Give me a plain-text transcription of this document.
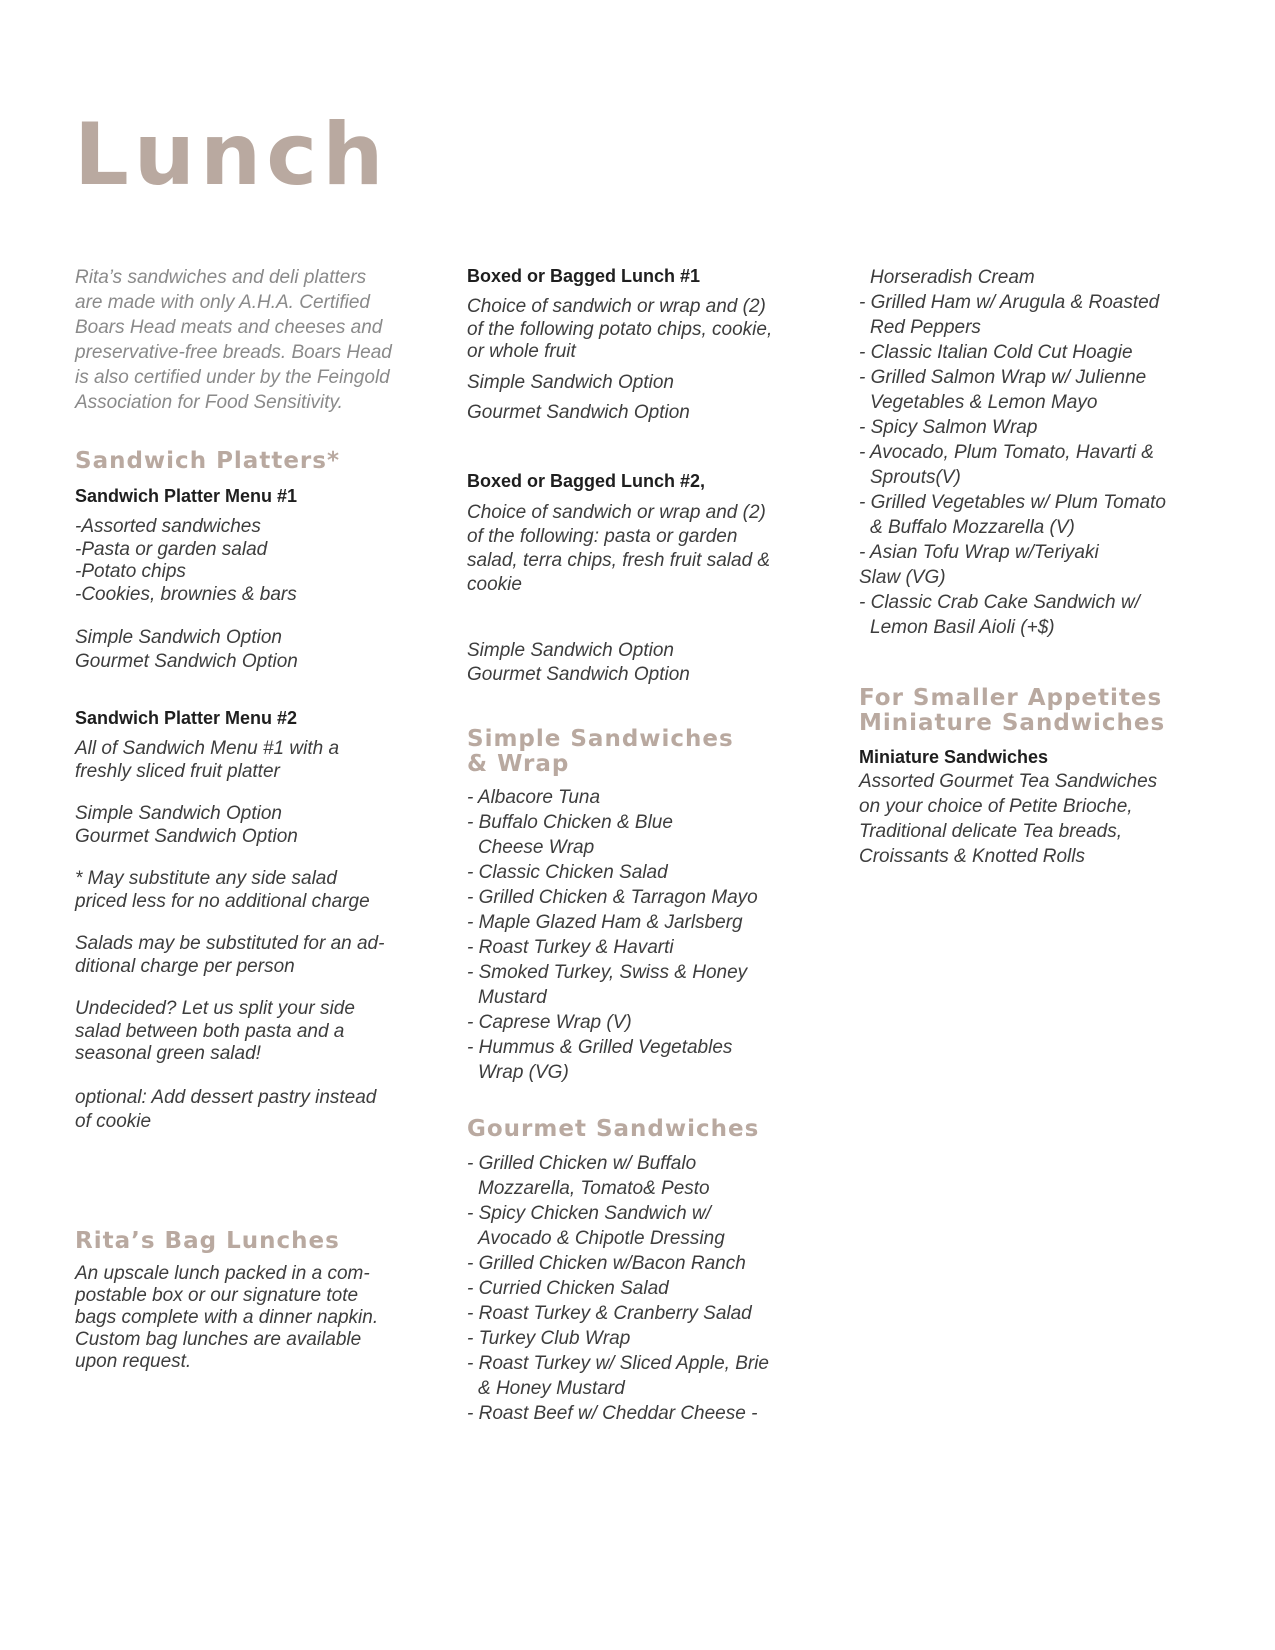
Lunch
Rita’s sandwiches and deli platters
are made with only A.H.A. Certified
Boars Head meats and cheeses and
preservative-free breads. Boars Head
is also certified under by the Feingold
Association for Food Sensitivity.
Sandwich Platters*
Sandwich Platter Menu #1
-Assorted sandwiches
-Pasta or garden salad
-Potato chips
-Cookies, brownies & bars
Simple Sandwich Option
Gourmet Sandwich Option
Sandwich Platter Menu #2
All of Sandwich Menu #1 with a
freshly sliced fruit platter
Simple Sandwich Option
Gourmet Sandwich Option
* May substitute any side salad
priced less for no additional charge
Salads may be substituted for an ad-
ditional charge per person
Undecided? Let us split your side
salad between both pasta and a
seasonal green salad!
optional: Add dessert pastry instead
of cookie
Rita’s Bag Lunches
An upscale lunch packed in a com-
postable box or our signature tote
bags complete with a dinner napkin.
Custom bag lunches are available
upon request.
Boxed or Bagged Lunch #1
Choice of sandwich or wrap and (2)
of the following potato chips, cookie,
or whole fruit
Simple Sandwich Option
Gourmet Sandwich Option
Boxed or Bagged Lunch #2,
Choice of sandwich or wrap and (2)
of the following: pasta or garden
salad, terra chips, fresh fruit salad &
cookie
Simple Sandwich Option
Gourmet Sandwich Option
Simple Sandwiches
& Wrap
- Albacore Tuna
- Buffalo Chicken & Blue
Cheese Wrap
- Classic Chicken Salad
- Grilled Chicken & Tarragon Mayo
- Maple Glazed Ham & Jarlsberg
- Roast Turkey & Havarti
- Smoked Turkey, Swiss & Honey
Mustard
- Caprese Wrap (V)
- Hummus & Grilled Vegetables
Wrap (VG)
Gourmet Sandwiches
- Grilled Chicken w/ Buffalo
Mozzarella, Tomato& Pesto
- Spicy Chicken Sandwich w/
Avocado & Chipotle Dressing
- Grilled Chicken w/Bacon Ranch
- Curried Chicken Salad
- Roast Turkey & Cranberry Salad
- Turkey Club Wrap
- Roast Turkey w/ Sliced Apple, Brie
& Honey Mustard
- Roast Beef w/ Cheddar Cheese -
Horseradish Cream
- Grilled Ham w/ Arugula & Roasted
Red Peppers
- Classic Italian Cold Cut Hoagie
- Grilled Salmon Wrap w/ Julienne
Vegetables & Lemon Mayo
- Spicy Salmon Wrap
- Avocado, Plum Tomato, Havarti &
Sprouts(V)
- Grilled Vegetables w/ Plum Tomato
& Buffalo Mozzarella (V)
- Asian Tofu Wrap w/Teriyaki
Slaw (VG)
- Classic Crab Cake Sandwich w/
Lemon Basil Aioli (+$)
For Smaller Appetites
Miniature Sandwiches
Miniature Sandwiches
Assorted Gourmet Tea Sandwiches
on your choice of Petite Brioche,
Traditional delicate Tea breads,
Croissants & Knotted Rolls
